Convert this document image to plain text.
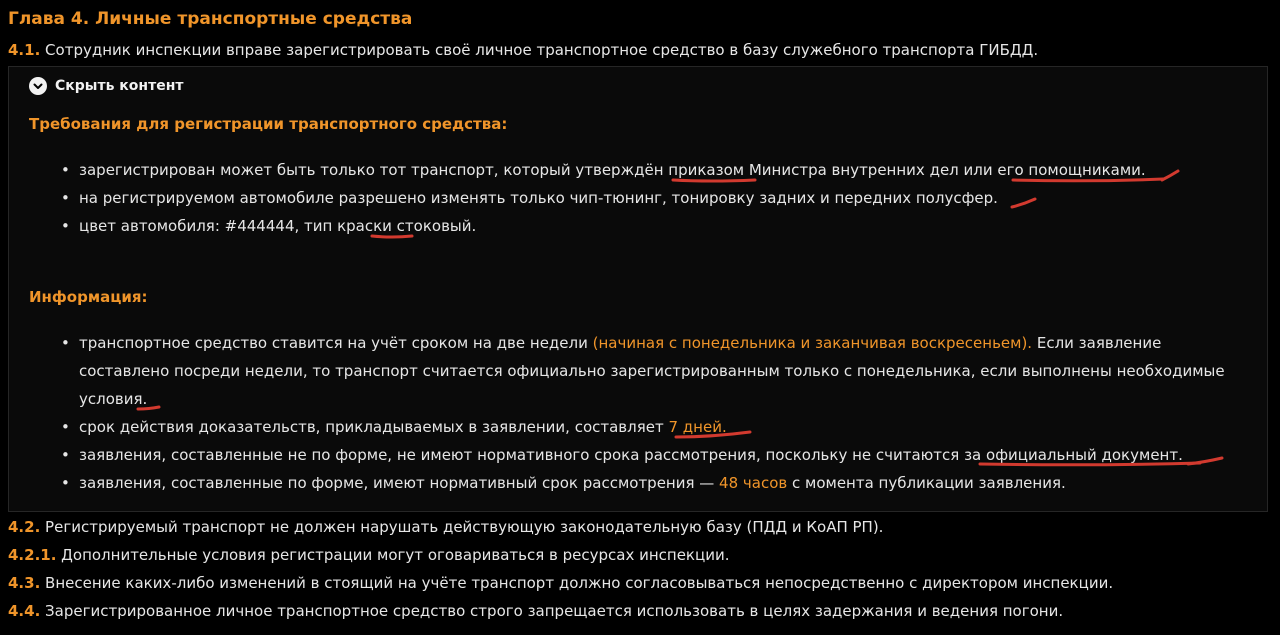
Глава 4. Личные транспортные средства
4.1. Сотрудник инспекции вправе зарегистрировать своё личное транспортное средство в базу служебного транспорта ГИБДД.
Скрыть контент
Требования для регистрации транспортного средства:
• зарегистрирован может быть только тот транспорт, который утверждён приказом Министра внутренних дел или его помощниками.
• на регистрируемом автомобиле разрешено изменять только чип-тюнинг, тонировку задних и передних полусфер.
• цвет автомобиля: #444444, тип краски стоковый.
Информация:
• транспортное средство ставится на учёт сроком на две недели (начиная с понедельника и заканчивая воскресеньем). Если заявление составлено посреди недели, то транспорт считается официально зарегистрированным только с понедельника, если выполнены необходимые условия.
• срок действия доказательств, прикладываемых в заявлении, составляет 7 дней.
• заявления, составленные не по форме, не имеют нормативного срока рассмотрения, поскольку не считаются за официальный документ.
• заявления, составленные по форме, имеют нормативный срок рассмотрения — 48 часов с момента публикации заявления.
4.2. Регистрируемый транспорт не должен нарушать действующую законодательную базу (ПДД и КоАП РП).
4.2.1. Дополнительные условия регистрации могут оговариваться в ресурсах инспекции.
4.3. Внесение каких-либо изменений в стоящий на учёте транспорт должно согласовываться непосредственно с директором инспекции.
4.4. Зарегистрированное личное транспортное средство строго запрещается использовать в целях задержания и ведения погони.
